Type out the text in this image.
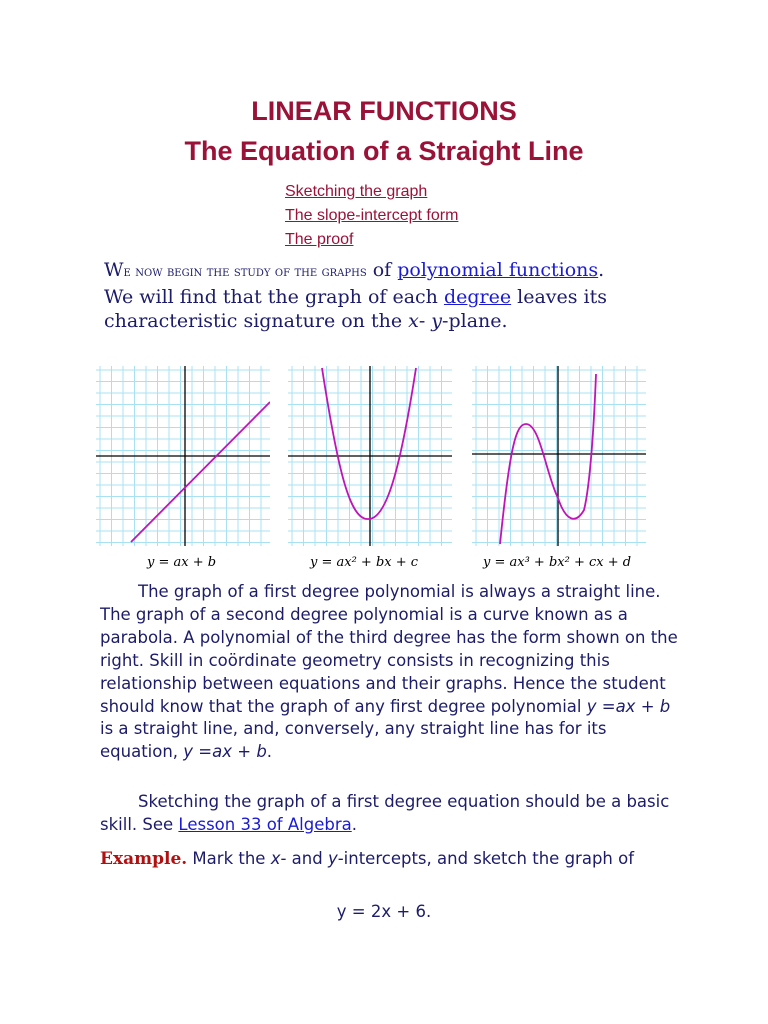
LINEAR FUNCTIONS
The Equation of a Straight Line
Sketching the graph
The slope-intercept form
The proof
We now begin the study of the graphs of polynomial functions.
We will find that the graph of each degree leaves its characteristic signature on the x- y-plane.
y = ax + b	y = ax² + bx + c	y = ax³ + bx² + cx + d
The graph of a first degree polynomial is always a straight line. The graph of a second degree polynomial is a curve known as a parabola. A polynomial of the third degree has the form shown on the right. Skill in coördinate geometry consists in recognizing this relationship between equations and their graphs. Hence the student should know that the graph of any first degree polynomial y =ax + b is a straight line, and, conversely, any straight line has for its equation, y =ax + b.
Sketching the graph of a first degree equation should be a basic skill. See Lesson 33 of Algebra.
Example. Mark the x- and y-intercepts, and sketch the graph of
y = 2x + 6.
